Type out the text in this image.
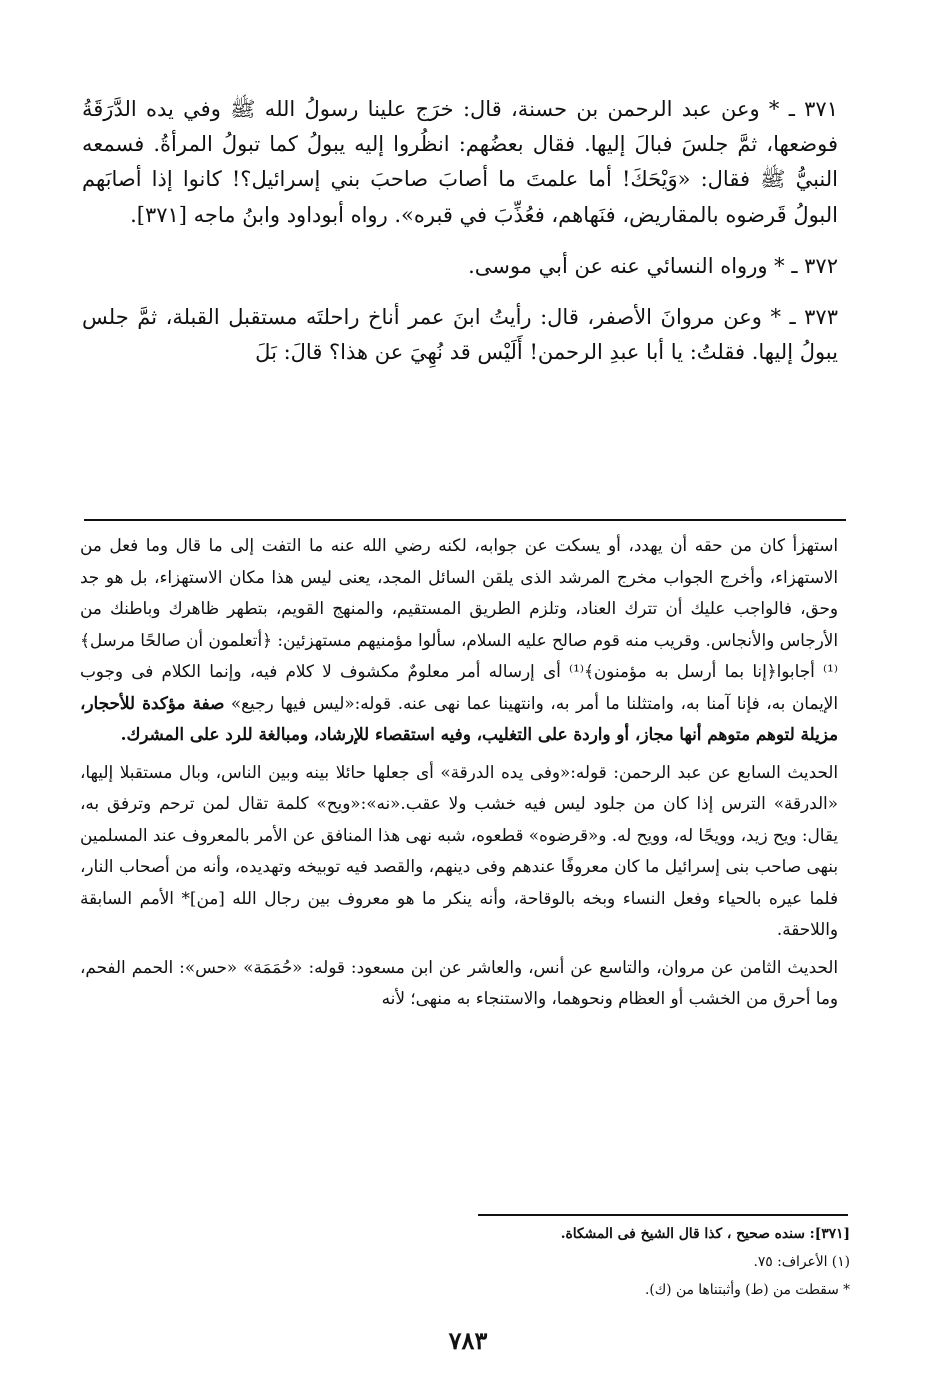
٣٧١ ـ * وعن عبد الرحمن بن حسنة، قال: خرَج علينا رسولُ الله ﷺ وفي يده الدَّرَقَةُ فوضعها، ثمَّ جلسَ فبالَ إليها. فقال بعضُهم: انظُروا إليه يبولُ كما تبولُ المرأةُ. فسمعه النبيُّ ﷺ فقال: «وَيْحَكَ! أما علمتَ ما أصابَ صاحبَ بني إسرائيل؟! كانوا إذا أصابَهم البولُ قَرضوه بالمقاريض، فنَهاهم، فعُذِّبَ في قبره». رواه أبوداود وابنُ ماجه [٣٧١].

٣٧٢ ـ * ورواه النسائي عنه عن أبي موسى.

٣٧٣ ـ * وعن مروانَ الأصفر، قال: رأيتُ ابنَ عمر أناخ راحلتَه مستقبل القبلة، ثمَّ جلس يبولُ إليها. فقلتُ: يا أبا عبدِ الرحمن! أَلَيْس قد نُهِيَ عن هذا؟ قالَ: بَلَ

استهزأ كان من حقه أن يهدد، أو يسكت عن جوابه، لكنه رضي الله عنه ما التفت إلى ما قال وما فعل من الاستهزاء، وأخرج الجواب مخرج المرشد الذى يلقن السائل المجد، يعنى ليس هذا مكان الاستهزاء، بل هو جد وحق، فالواجب عليك أن تترك العناد، وتلزم الطريق المستقيم، والمنهج القويم، بتطهر ظاهرك وباطنك من الأرجاس والأنجاس. وقريب منه قوم صالح عليه السلام، سألوا مؤمنيهم مستهزئين: ﴿أتعلمون أن صالحًا مرسل﴾⁽¹⁾ أجابوا﴿إنا بما أرسل به مؤمنون﴾⁽¹⁾ أى إرساله أمر معلومٌ مكشوف لا كلام فيه، وإنما الكلام فى وجوب الإيمان به، فإنا آمنا به، وامتثلنا ما أمر به، وانتهينا عما نهى عنه. قوله:«ليس فيها رجيع» صفة مؤكدة للأحجار، مزيلة لتوهم متوهم أنها مجاز، أو واردة على التغليب، وفيه استقصاء للإرشاد، ومبالغة للرد على المشرك.

الحديث السابع عن عبد الرحمن: قوله:«وفى يده الدرقة» أى جعلها حائلا بينه وبين الناس، وبال مستقبلا إليها، «الدرقة» الترس إذا كان من جلود ليس فيه خشب ولا عقب.«نه»:«ويح» كلمة تقال لمن ترحم وترفق به، يقال: ويح زيد، وويحًا له، وويح له. و«قرضوه» قطعوه، شبه نهى هذا المنافق عن الأمر بالمعروف عند المسلمين بنهى صاحب بنى إسرائيل ما كان معروفًا عندهم وفى دينهم، والقصد فيه توبيخه وتهديده، وأنه من أصحاب النار، فلما عيره بالحياء وفعل النساء وبخه بالوقاحة، وأنه ينكر ما هو معروف بين رجال الله [من]* الأمم السابقة واللاحقة.

الحديث الثامن عن مروان، والتاسع عن أنس، والعاشر عن ابن مسعود: قوله: «حُمَمَة» «حس»: الحمم الفحم، وما أحرق من الخشب أو العظام ونحوهما، والاستنجاء به منهى؛ لأنه

[٣٧١]: سنده صحيح ، كذا قال الشيخ فى المشكاة.
(١) الأعراف: ٧٥.
* سقطت من (ط) وأثبتناها من (ك).
٧٨٣
